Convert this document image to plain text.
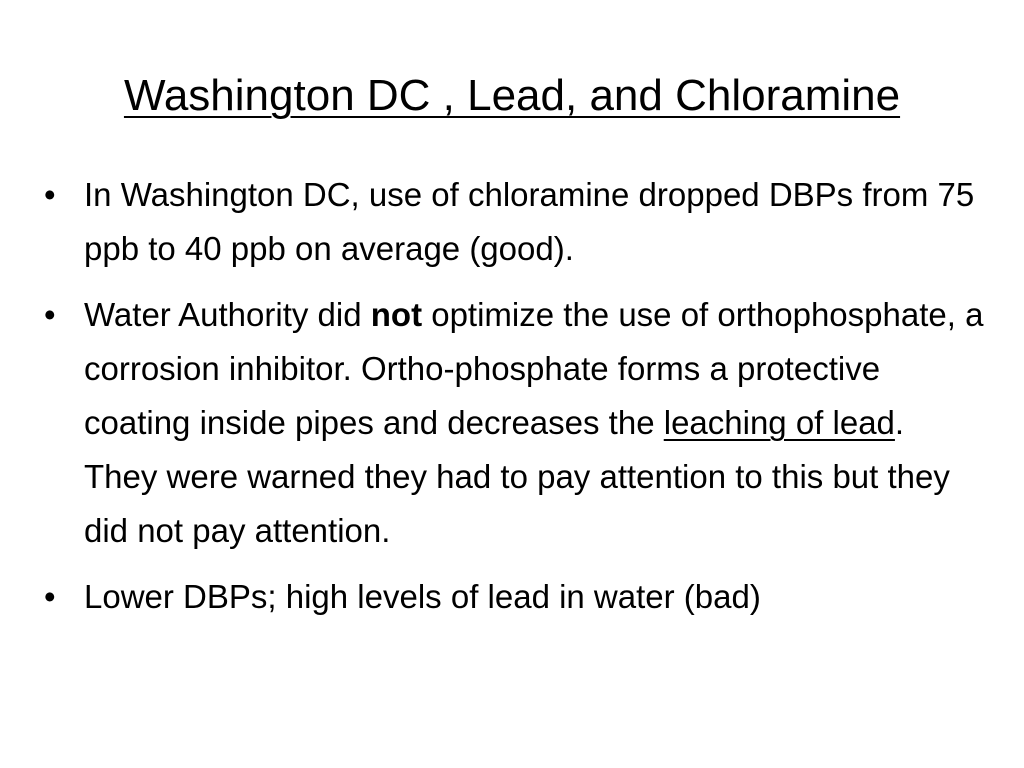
Washington DC , Lead, and Chloramine
• In Washington DC, use of chloramine dropped DBPs from 75 ppb to 40 ppb on average (good).
• Water Authority did not optimize the use of orthophosphate, a corrosion inhibitor. Ortho-phosphate forms a protective coating inside pipes and decreases the leaching of lead. They were warned they had to pay attention to this but they did not pay attention.
• Lower DBPs; high levels of lead in water (bad)
